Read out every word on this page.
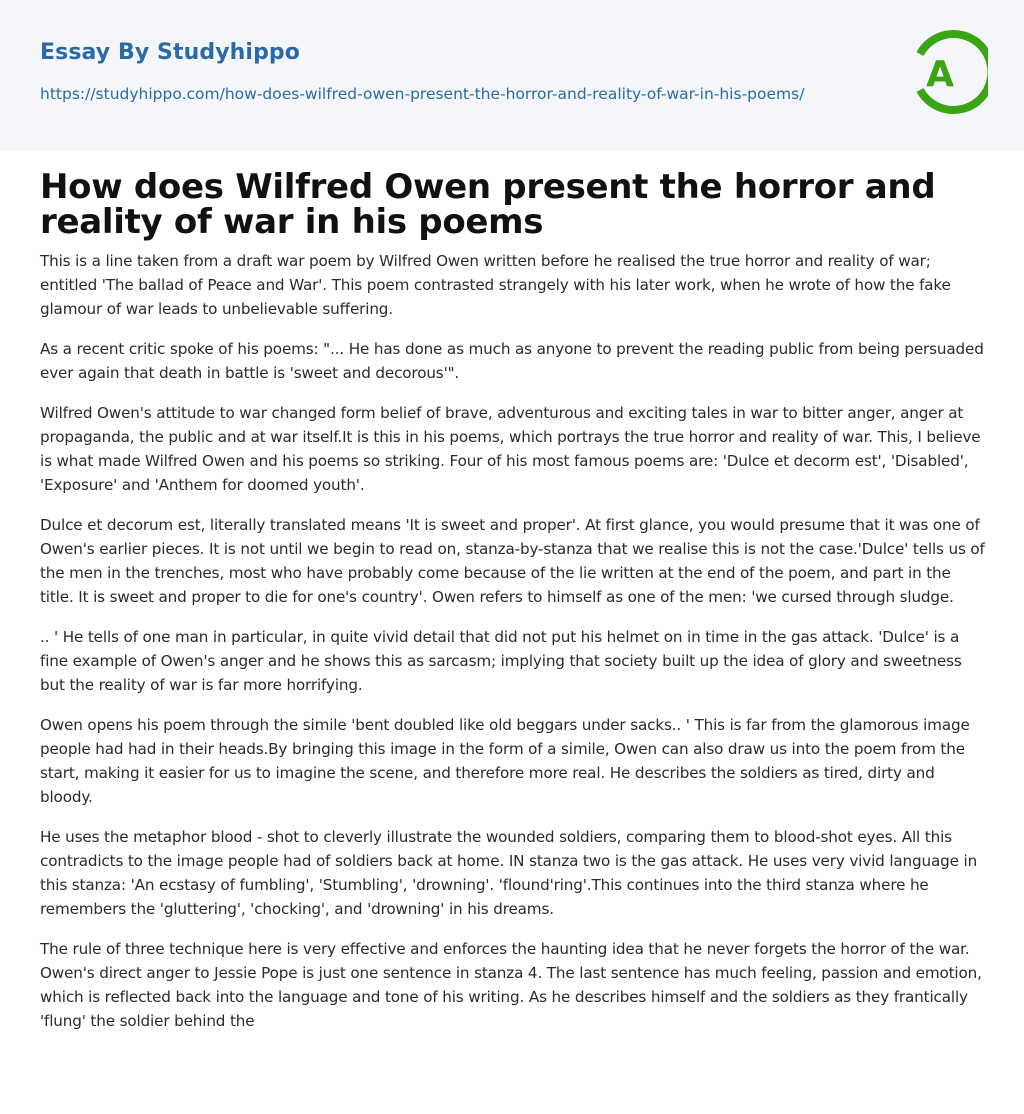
Essay By Studyhippo
https://studyhippo.com/how-does-wilfred-owen-present-the-horror-and-reality-of-war-in-his-poems/	A
How does Wilfred Owen present the horror and reality of war in his poems

This is a line taken from a draft war poem by Wilfred Owen written before he realised the true horror and reality of war; entitled 'The ballad of Peace and War'. This poem contrasted strangely with his later work, when he wrote of how the fake glamour of war leads to unbelievable suffering.

As a recent critic spoke of his poems: "... He has done as much as anyone to prevent the reading public from being persuaded ever again that death in battle is 'sweet and decorous'".

Wilfred Owen's attitude to war changed form belief of brave, adventurous and exciting tales in war to bitter anger, anger at propaganda, the public and at war itself.It is this in his poems, which portrays the true horror and reality of war. This, I believe is what made Wilfred Owen and his poems so striking. Four of his most famous poems are: 'Dulce et decorm est', 'Disabled', 'Exposure' and 'Anthem for doomed youth'.

Dulce et decorum est, literally translated means 'It is sweet and proper'. At first glance, you would presume that it was one of Owen's earlier pieces. It is not until we begin to read on, stanza-by-stanza that we realise this is not the case.'Dulce' tells us of the men in the trenches, most who have probably come because of the lie written at the end of the poem, and part in the title. It is sweet and proper to die for one's country'. Owen refers to himself as one of the men: 'we cursed through sludge.

.. ' He tells of one man in particular, in quite vivid detail that did not put his helmet on in time in the gas attack. 'Dulce' is a fine example of Owen's anger and he shows this as sarcasm; implying that society built up the idea of glory and sweetness but the reality of war is far more horrifying.

Owen opens his poem through the simile 'bent doubled like old beggars under sacks.. ' This is far from the glamorous image people had had in their heads.By bringing this image in the form of a simile, Owen can also draw us into the poem from the start, making it easier for us to imagine the scene, and therefore more real. He describes the soldiers as tired, dirty and bloody.

He uses the metaphor blood - shot to cleverly illustrate the wounded soldiers, comparing them to blood-shot eyes. All this contradicts to the image people had of soldiers back at home. IN stanza two is the gas attack. He uses very vivid language in this stanza: 'An ecstasy of fumbling', 'Stumbling', 'drowning'. 'flound'ring'.This continues into the third stanza where he remembers the 'gluttering', 'chocking', and 'drowning' in his dreams.

The rule of three technique here is very effective and enforces the haunting idea that he never forgets the horror of the war. Owen's direct anger to Jessie Pope is just one sentence in stanza 4. The last sentence has much feeling, passion and emotion, which is reflected back into the language and tone of his writing. As he describes himself and the soldiers as they frantically 'flung' the soldier behind the
